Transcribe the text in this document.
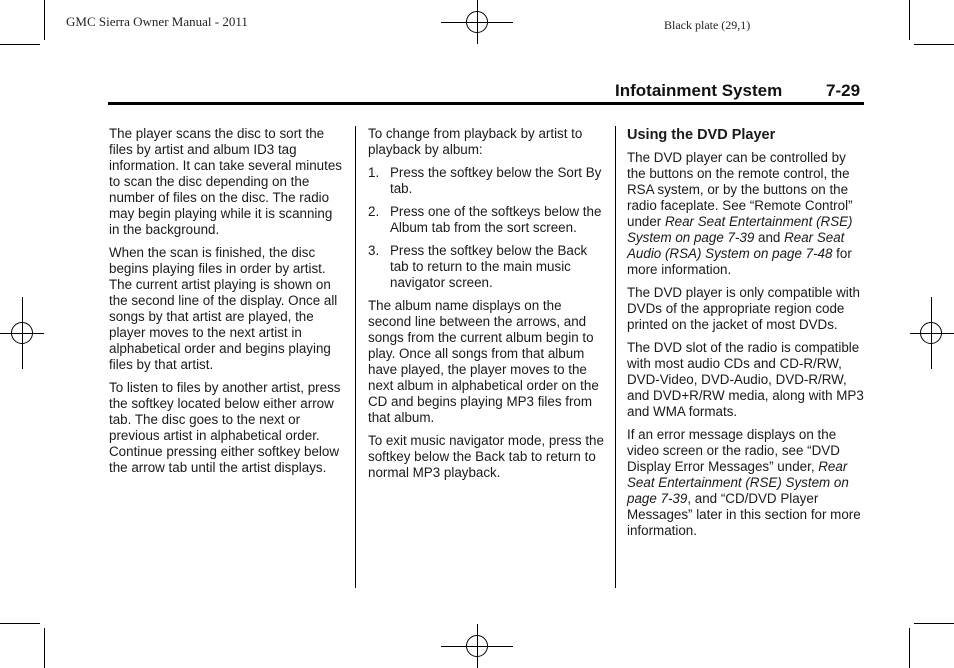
GMC Sierra Owner Manual - 2011	Black plate (29,1)
Infotainment System	7-29

The player scans the disc to sort the files by artist and album ID3 tag information. It can take several minutes to scan the disc depending on the number of files on the disc. The radio may begin playing while it is scanning in the background.

When the scan is finished, the disc begins playing files in order by artist. The current artist playing is shown on the second line of the display. Once all songs by that artist are played, the player moves to the next artist in alphabetical order and begins playing files by that artist.

To listen to files by another artist, press the softkey located below either arrow tab. The disc goes to the next or previous artist in alphabetical order. Continue pressing either softkey below the arrow tab until the artist displays.

To change from playback by artist to playback by album:

1. Press the softkey below the Sort By tab.
2. Press one of the softkeys below the Album tab from the sort screen.
3. Press the softkey below the Back tab to return to the main music navigator screen.

The album name displays on the second line between the arrows, and songs from the current album begin to play. Once all songs from that album have played, the player moves to the next album in alphabetical order on the CD and begins playing MP3 files from that album.

To exit music navigator mode, press the softkey below the Back tab to return to normal MP3 playback.

Using the DVD Player

The DVD player can be controlled by the buttons on the remote control, the RSA system, or by the buttons on the radio faceplate. See “Remote Control” under Rear Seat Entertainment (RSE) System on page 7-39 and Rear Seat Audio (RSA) System on page 7-48 for more information.

The DVD player is only compatible with DVDs of the appropriate region code printed on the jacket of most DVDs.

The DVD slot of the radio is compatible with most audio CDs and CD-R/RW, DVD-Video, DVD-Audio, DVD-R/RW, and DVD+R/RW media, along with MP3 and WMA formats.

If an error message displays on the video screen or the radio, see “DVD Display Error Messages” under, Rear Seat Entertainment (RSE) System on page 7-39, and “CD/DVD Player Messages” later in this section for more information.
